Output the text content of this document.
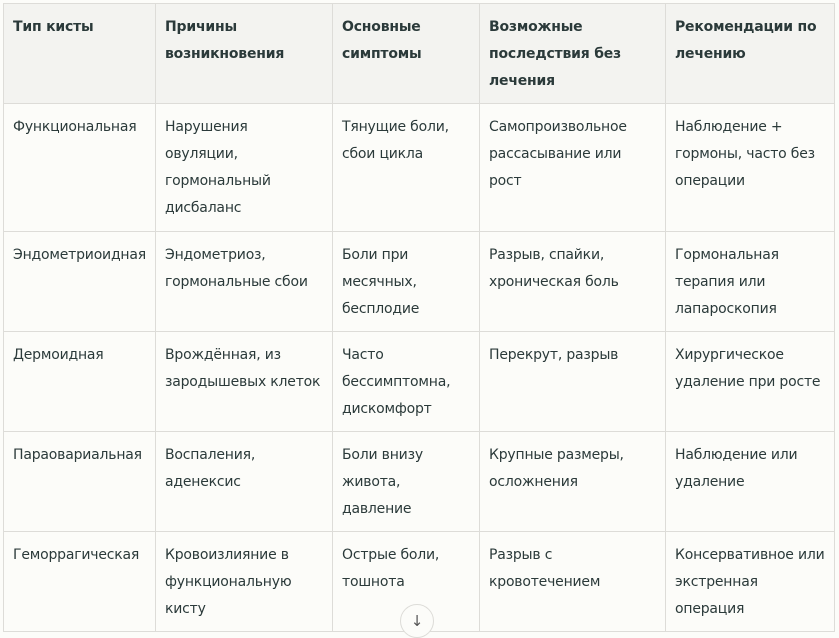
Тип кисты	Причины возникновения	Основные симптомы	Возможные последствия без лечения	Рекомендации по лечению
Функциональная	Нарушения овуляции, гормональный дисбаланс	Тянущие боли, сбои цикла	Самопроизвольное рассасывание или рост	Наблюдение + гормоны, часто без операции
Эндометриоидная	Эндометриоз, гормональные сбои	Боли при месячных, бесплодие	Разрыв, спайки, хроническая боль	Гормональная терапия или лапароскопия
Дермоидная	Врождённая, из зародышевых клеток	Часто бессимптомна, дискомфорт	Перекрут, разрыв	Хирургическое удаление при росте
Параовариальная	Воспаления, аденексис	Боли внизу живота, давление	Крупные размеры, осложнения	Наблюдение или удаление
Геморрагическая	Кровоизлияние в функциональную кисту	Острые боли, тошнота	Разрыв с кровотечением	Консервативное или экстренная операция
↓
